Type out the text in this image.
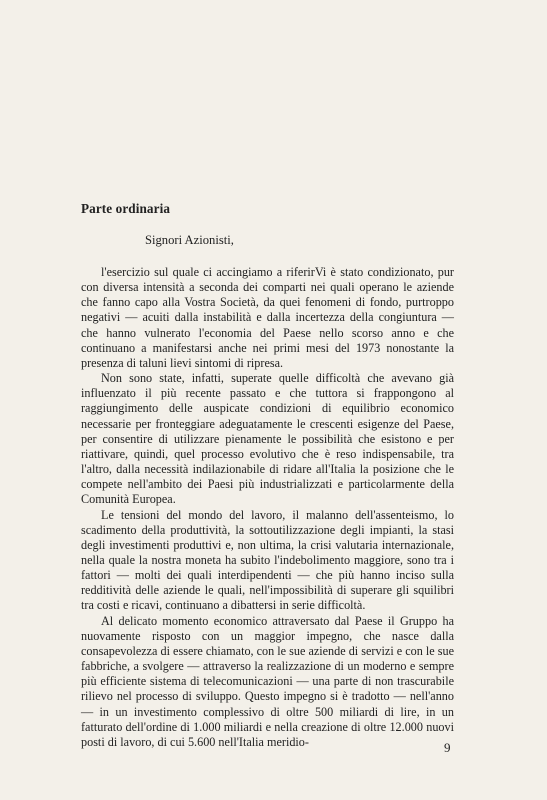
Parte ordinaria

Signori Azionisti,

l'esercizio sul quale ci accingiamo a riferirVi è stato condizionato, pur con diversa intensità a seconda dei comparti nei quali operano le aziende che fanno capo alla Vostra Società, da quei fenomeni di fondo, purtroppo negativi — acuiti dalla instabilità e dalla incertezza della congiuntura — che hanno vulnerato l'economia del Paese nello scorso anno e che continuano a manifestarsi anche nei primi mesi del 1973 nonostante la presenza di taluni lievi sintomi di ripresa.

Non sono state, infatti, superate quelle difficoltà che avevano già influenzato il più recente passato e che tuttora si frappongono al raggiungimento delle auspicate condizioni di equilibrio economico necessarie per fronteggiare adeguatamente le crescenti esigenze del Paese, per consentire di utilizzare pienamente le possibilità che esistono e per riattivare, quindi, quel processo evolutivo che è reso indispensabile, tra l'altro, dalla necessità indilazionabile di ridare all'Italia la posizione che le compete nell'ambito dei Paesi più industrializzati e particolarmente della Comunità Europea.

Le tensioni del mondo del lavoro, il malanno dell'assenteismo, lo scadimento della produttività, la sottoutilizzazione degli impianti, la stasi degli investimenti produttivi e, non ultima, la crisi valutaria internazionale, nella quale la nostra moneta ha subito l'indebolimento maggiore, sono tra i fattori — molti dei quali interdipendenti — che più hanno inciso sulla redditività delle aziende le quali, nell'impossibilità di superare gli squilibri tra costi e ricavi, continuano a dibattersi in serie difficoltà.

Al delicato momento economico attraversato dal Paese il Gruppo ha nuovamente risposto con un maggior impegno, che nasce dalla consapevolezza di essere chiamato, con le sue aziende di servizi e con le sue fabbriche, a svolgere — attraverso la realizzazione di un moderno e sempre più efficiente sistema di telecomunicazioni — una parte di non trascurabile rilievo nel processo di sviluppo. Questo impegno si è tradotto — nell'anno — in un investimento complessivo di oltre 500 miliardi di lire, in un fatturato dell'ordine di 1.000 miliardi e nella creazione di oltre 12.000 nuovi posti di lavoro, di cui 5.600 nell'Italia meridio-	9
